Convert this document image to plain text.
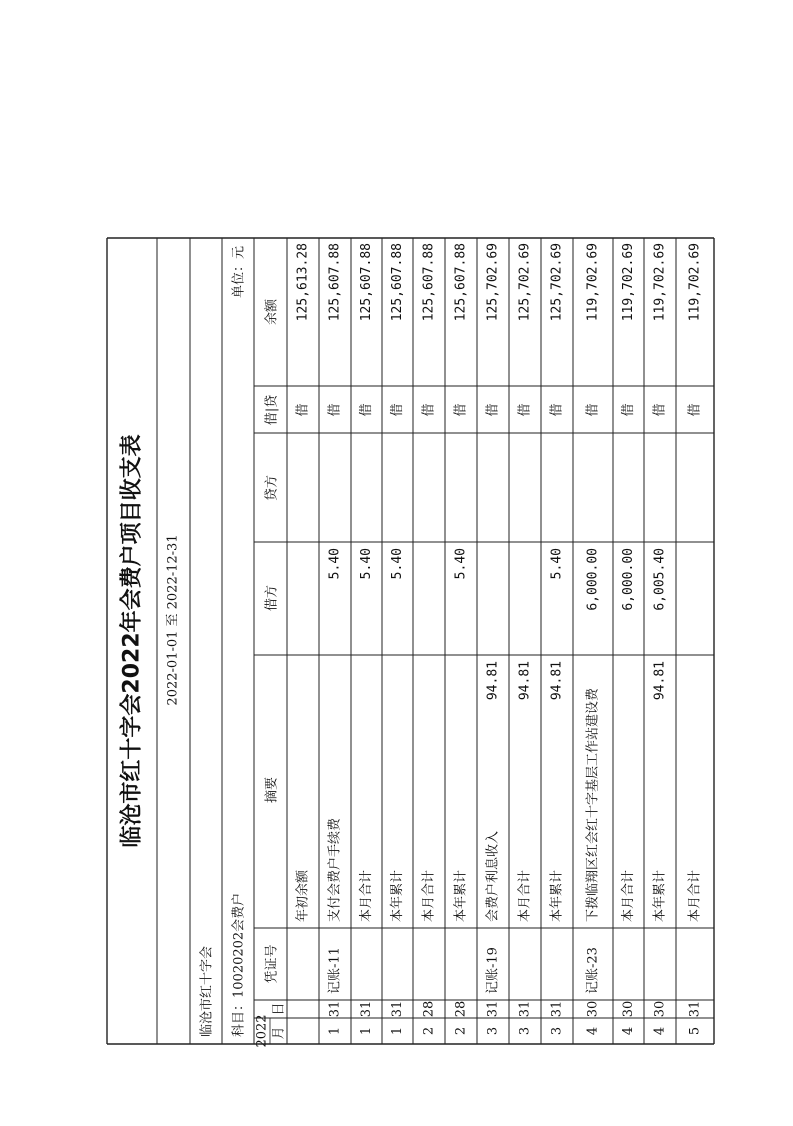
临沧市红十字会2022年会费户项目收支表 2022-01-01 至 2022-12-31
临沧市红十字会 科目：10020202会费户
单位：元
2022 月
日
凭证号
摘要
借方
贷方
借|贷
余额
年初余额
借
125,613.28
1
31
记账-11
支付会费户手续费
5.40
借
125,607.88
1
31
本月合计
5.40
借
125,607.88
1
31
本年累计
5.40
借
125,607.88
2
28
本月合计
借
125,607.88
2
28
本年累计
5.40
借
125,607.88
3
31
记账-19
会费户利息收入
94.81
借
125,702.69
3
31
本月合计
94.81
借
125,702.69
3
31
本年累计
94.81
5.40
借
125,702.69
4
30
记账-23
下拨临翔区红会红十字基层工作站建设费
6,000.00
借
119,702.69
4
30
本月合计
6,000.00
借
119,702.69
4
30
本年累计
94.81
6,005.40
借
119,702.69
5
31
本月合计
借
119,702.69
